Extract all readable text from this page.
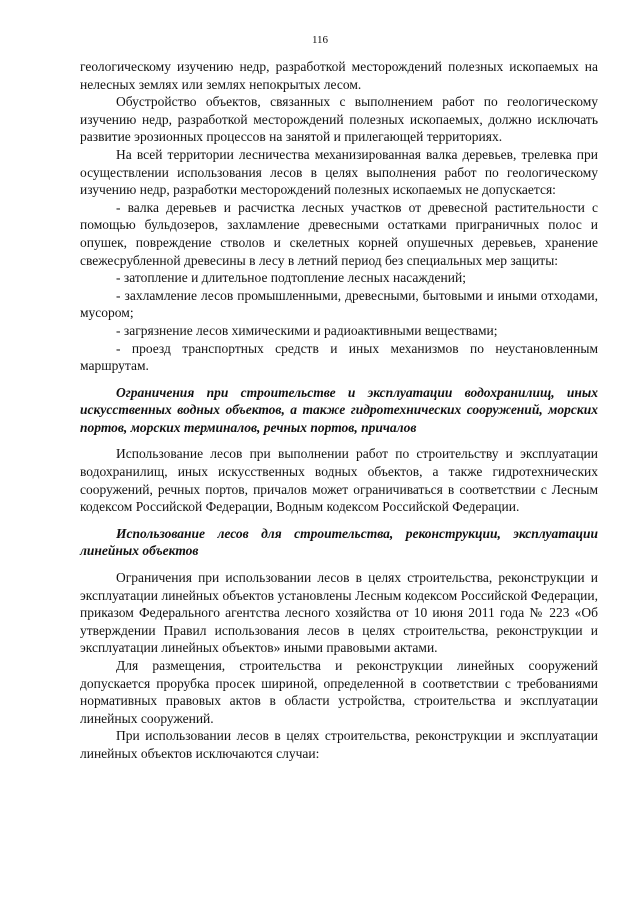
116

геологическому изучению недр, разработкой месторождений полезных ископаемых на нелесных землях или землях непокрытых лесом.

Обустройство объектов, связанных с выполнением работ по геологическому изучению недр, разработкой месторождений полезных ископаемых, должно исключать развитие эрозионных процессов на занятой и прилегающей территориях.

На всей территории лесничества механизированная валка деревьев, трелевка при осуществлении использования лесов в целях выполнения работ по геологическому изучению недр, разработки месторождений полезных ископаемых не допускается:

- валка деревьев и расчистка лесных участков от древесной растительности с помощью бульдозеров, захламление древесными остатками приграничных полос и опушек, повреждение стволов и скелетных корней опушечных деревьев, хранение свежесрубленной древесины в лесу в летний период без специальных мер защиты:

- затопление и длительное подтопление лесных насаждений;

- захламление лесов промышленными, древесными, бытовыми и иными отходами, мусором;

- загрязнение лесов химическими и радиоактивными веществами;

- проезд транспортных средств и иных механизмов по неустановленным маршрутам.

Ограничения при строительстве и эксплуатации водохранилищ, иных искусственных водных объектов, а также гидротехнических сооружений, морских портов, морских терминалов, речных портов, причалов

Использование лесов при выполнении работ по строительству и эксплуатации водохранилищ, иных искусственных водных объектов, а также гидротехнических сооружений, речных портов, причалов может ограничиваться в соответствии с Лесным кодексом Российской Федерации, Водным кодексом Российской Федерации.

Использование лесов для строительства, реконструкции, эксплуатации линейных объектов

Ограничения при использовании лесов в целях строительства, реконструкции и эксплуатации линейных объектов установлены Лесным кодексом Российской Федерации, приказом Федерального агентства лесного хозяйства от 10 июня 2011 года № 223 «Об утверждении Правил использования лесов в целях строительства, реконструкции и эксплуатации линейных объектов» иными правовыми актами.

Для размещения, строительства и реконструкции линейных сооружений допускается прорубка просек шириной, определенной в соответствии с требованиями нормативных правовых актов в области устройства, строительства и эксплуатации линейных сооружений.

При использовании лесов в целях строительства, реконструкции и эксплуатации линейных объектов исключаются случаи:
